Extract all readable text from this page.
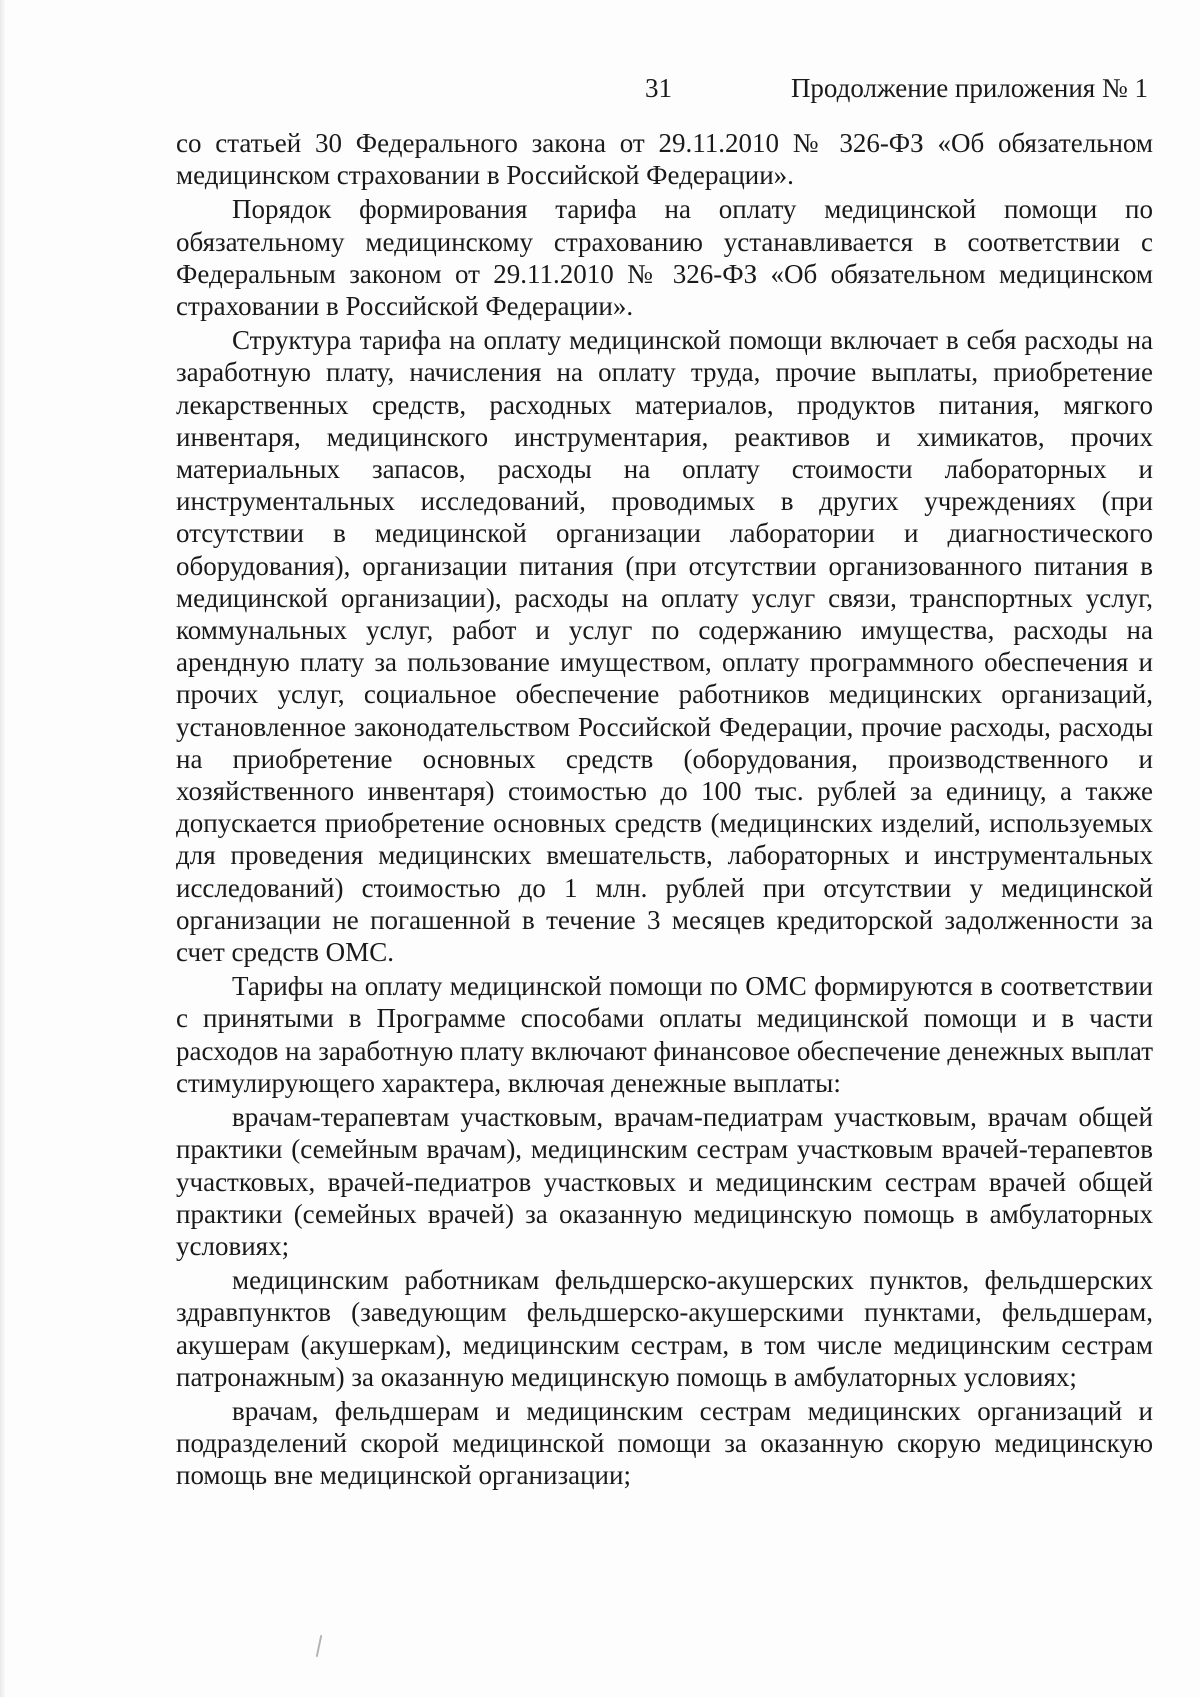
31	Продолжение приложения № 1

со статьей 30 Федерального закона от 29.11.2010 № 326-ФЗ «Об обязательном медицинском страховании в Российской Федерации».

Порядок формирования тарифа на оплату медицинской помощи по обязательному медицинскому страхованию устанавливается в соответствии с Федеральным законом от 29.11.2010 № 326-ФЗ «Об обязательном медицинском страховании в Российской Федерации».

Структура тарифа на оплату медицинской помощи включает в себя расходы на заработную плату, начисления на оплату труда, прочие выплаты, приобретение лекарственных средств, расходных материалов, продуктов питания, мягкого инвентаря, медицинского инструментария, реактивов и химикатов, прочих материальных запасов, расходы на оплату стоимости лабораторных и инструментальных исследований, проводимых в других учреждениях (при отсутствии в медицинской организации лаборатории и диагностического оборудования), организации питания (при отсутствии организованного питания в медицинской организации), расходы на оплату услуг связи, транспортных услуг, коммунальных услуг, работ и услуг по содержанию имущества, расходы на арендную плату за пользование имуществом, оплату программного обеспечения и прочих услуг, социальное обеспечение работников медицинских организаций, установленное законодательством Российской Федерации, прочие расходы, расходы на приобретение основных средств (оборудования, производственного и хозяйственного инвентаря) стоимостью до 100 тыс. рублей за единицу, а также допускается приобретение основных средств (медицинских изделий, используемых для проведения медицинских вмешательств, лабораторных и инструментальных исследований) стоимостью до 1 млн. рублей при отсутствии у медицинской организации не погашенной в течение 3 месяцев кредиторской задолженности за счет средств ОМС.

Тарифы на оплату медицинской помощи по ОМС формируются в соответствии с принятыми в Программе способами оплаты медицинской помощи и в части расходов на заработную плату включают финансовое обеспечение денежных выплат стимулирующего характера, включая денежные выплаты:

врачам-терапевтам участковым, врачам-педиатрам участковым, врачам общей практики (семейным врачам), медицинским сестрам участковым врачей-терапевтов участковых, врачей-педиатров участковых и медицинским сестрам врачей общей практики (семейных врачей) за оказанную медицинскую помощь в амбулаторных условиях;

медицинским работникам фельдшерско-акушерских пунктов, фельдшерских здравпунктов (заведующим фельдшерско-акушерскими пунктами, фельдшерам, акушерам (акушеркам), медицинским сестрам, в том числе медицинским сестрам патронажным) за оказанную медицинскую помощь в амбулаторных условиях;

врачам, фельдшерам и медицинским сестрам медицинских организаций и подразделений скорой медицинской помощи за оказанную скорую медицинскую помощь вне медицинской организации;
